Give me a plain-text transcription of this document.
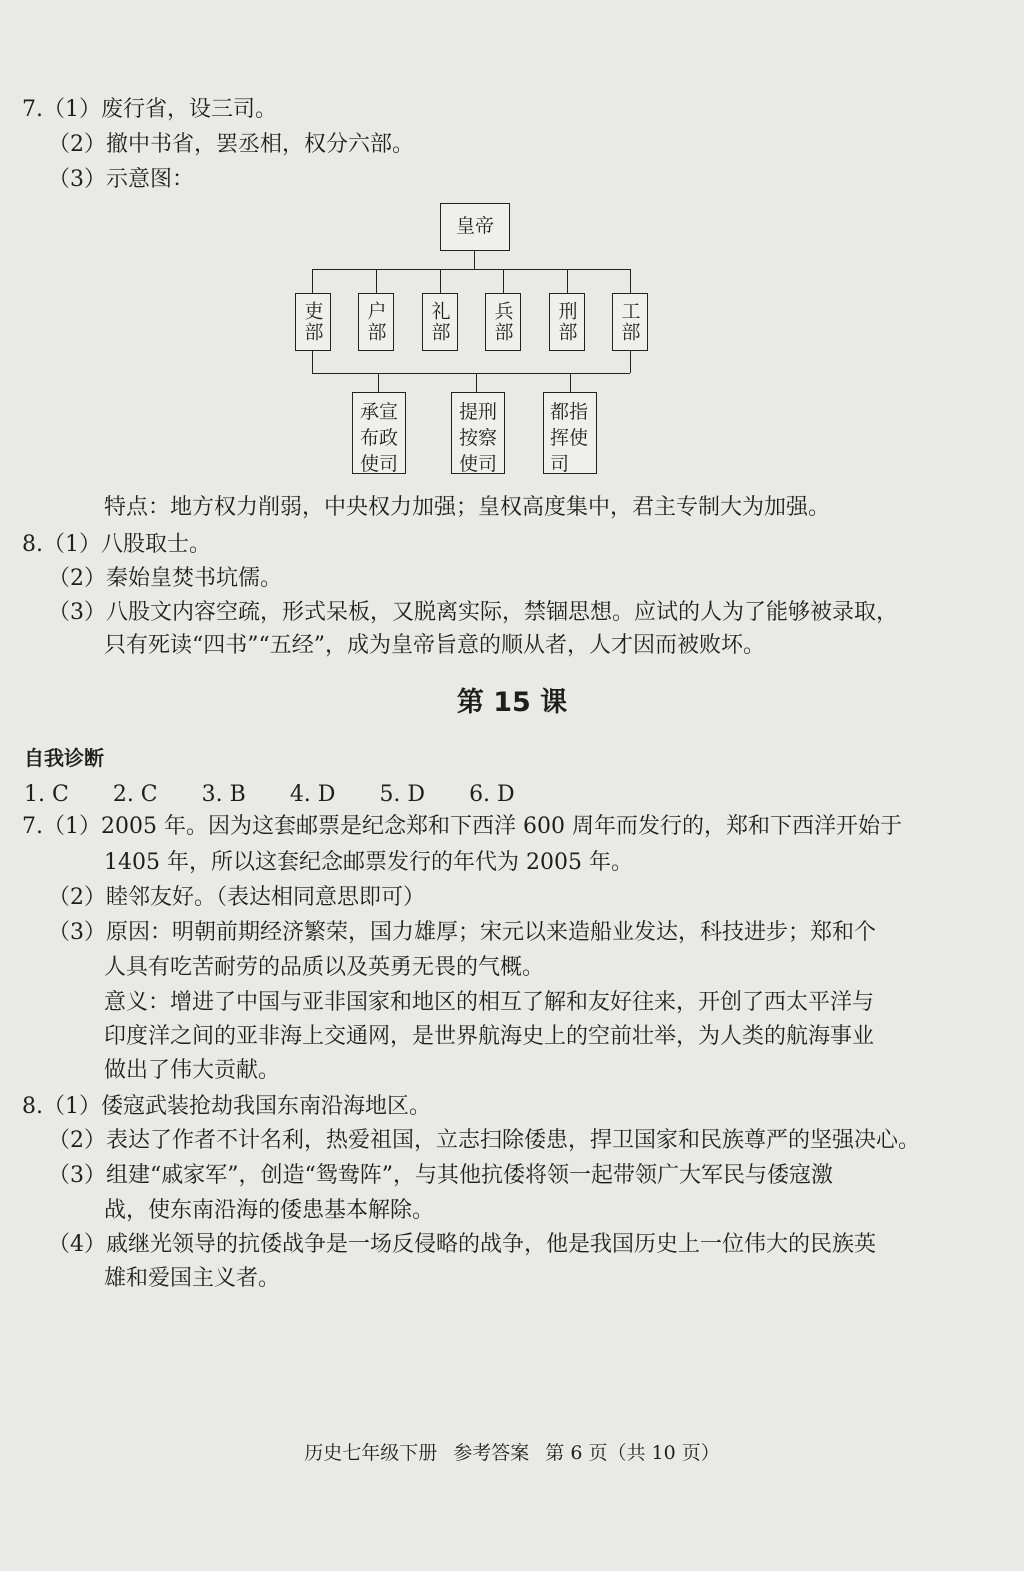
7.（1）废行省，设三司。
（2）撤中书省，罢丞相，权分六部。
（3）示意图：
皇帝
吏部	户部	礼部	兵部	刑部	工部
承宣
布政
使司
提刑
按察
使司
都指
挥使
司
特点：地方权力削弱，中央权力加强；皇权高度集中，君主专制大为加强。
8.（1）八股取士。
（2）秦始皇焚书坑儒。
（3）八股文内容空疏，形式呆板，又脱离实际，禁锢思想。应试的人为了能够被录取，
只有死读“四书”“五经”，成为皇帝旨意的顺从者，人才因而被败坏。
第 15 课
自我诊断
1. C 2. C 3. B 4. D 5. D 6. D
7.（1）2005 年。因为这套邮票是纪念郑和下西洋 600 周年而发行的，郑和下西洋开始于
1405 年，所以这套纪念邮票发行的年代为 2005 年。
（2）睦邻友好。（表达相同意思即可）
（3）原因：明朝前期经济繁荣，国力雄厚；宋元以来造船业发达，科技进步；郑和个
人具有吃苦耐劳的品质以及英勇无畏的气概。
意义：增进了中国与亚非国家和地区的相互了解和友好往来，开创了西太平洋与
印度洋之间的亚非海上交通网，是世界航海史上的空前壮举，为人类的航海事业
做出了伟大贡献。
8.（1）倭寇武装抢劫我国东南沿海地区。
（2）表达了作者不计名利，热爱祖国，立志扫除倭患，捍卫国家和民族尊严的坚强决心。
（3）组建“戚家军”，创造“鸳鸯阵”，与其他抗倭将领一起带领广大军民与倭寇激
战，使东南沿海的倭患基本解除。
（4）戚继光领导的抗倭战争是一场反侵略的战争，他是我国历史上一位伟大的民族英
雄和爱国主义者。
历史七年级下册 参考答案 第 6 页（共 10 页）
